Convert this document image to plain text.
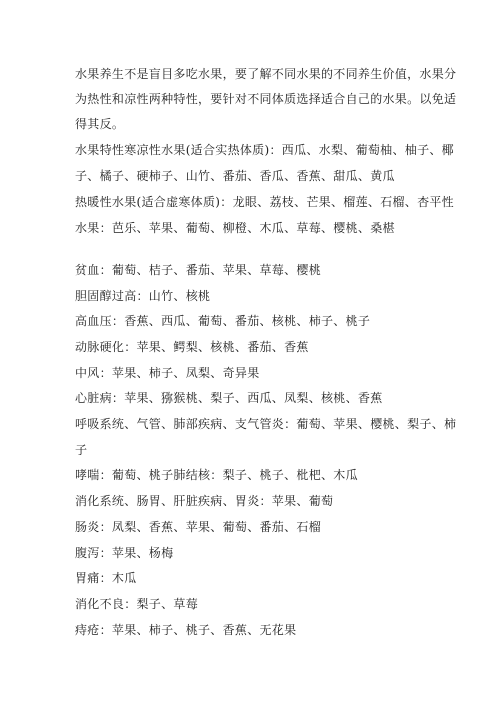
水果养生不是盲目多吃水果，要了解不同水果的不同养生价值，水果分
为热性和凉性两种特性，要针对不同体质选择适合自己的水果。以免适
得其反。
水果特性寒凉性水果(适合实热体质)：西瓜、水梨、葡萄柚、柚子、椰
子、橘子、硬柿子、山竹、番茄、香瓜、香蕉、甜瓜、黄瓜
热暖性水果(适合虚寒体质)：龙眼、荔枝、芒果、榴莲、石榴、杏平性
水果：芭乐、苹果、葡萄、柳橙、木瓜、草莓、樱桃、桑椹
贫血：葡萄、桔子、番茄、苹果、草莓、樱桃
胆固醇过高：山竹、核桃
高血压：香蕉、西瓜、葡萄、番茄、核桃、柿子、桃子
动脉硬化：苹果、鳄梨、核桃、番茄、香蕉
中风：苹果、柿子、凤梨、奇异果
心脏病：苹果、猕猴桃、梨子、西瓜、凤梨、核桃、香蕉
呼吸系统、气管、肺部疾病、支气管炎：葡萄、苹果、樱桃、梨子、柿
子
哮喘：葡萄、桃子肺结核：梨子、桃子、枇杷、木瓜
消化系统、肠胃、肝脏疾病、胃炎：苹果、葡萄
肠炎：凤梨、香蕉、苹果、葡萄、番茄、石榴
腹泻：苹果、杨梅
胃痛：木瓜
消化不良：梨子、草莓
痔疮：苹果、柿子、桃子、香蕉、无花果
